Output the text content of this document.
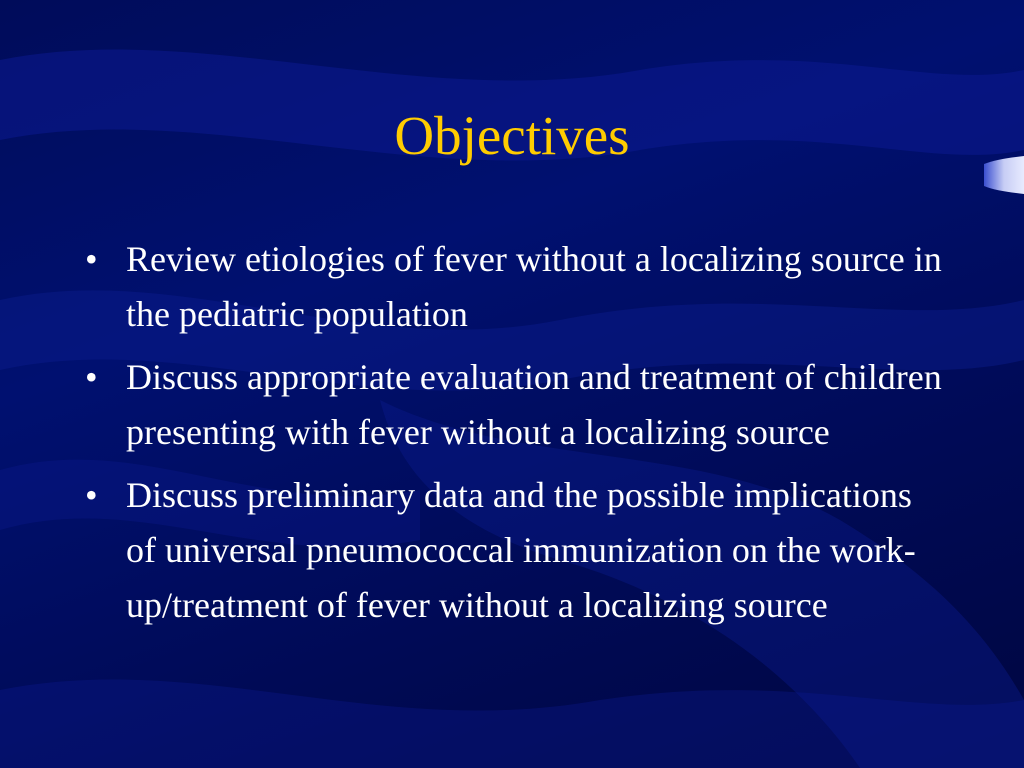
Objectives
• Review etiologies of fever without a localizing source in the pediatric population
• Discuss appropriate evaluation and treatment of children presenting with fever without a localizing source
• Discuss preliminary data and the possible implications of universal pneumococcal immunization on the work-up/treatment of fever without a localizing source
